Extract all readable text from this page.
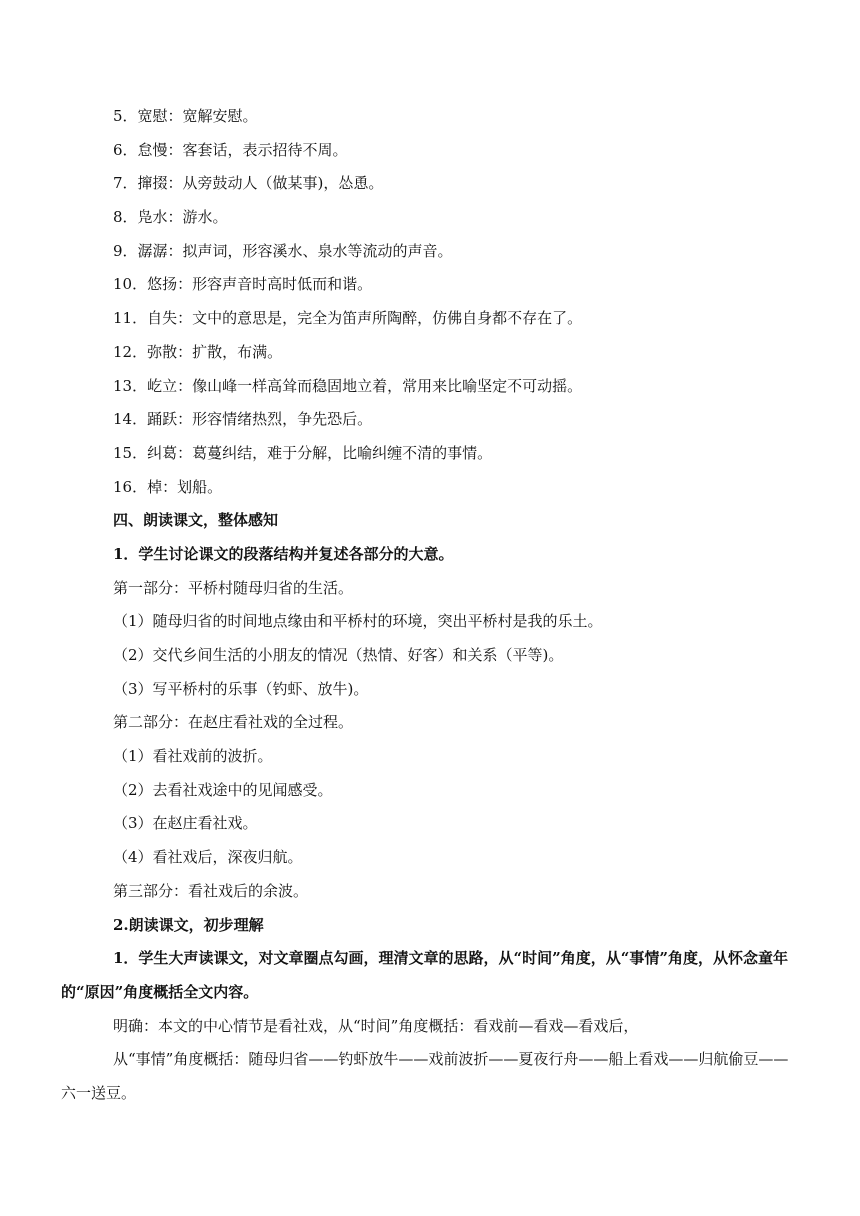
5．宽慰：宽解安慰。
6．怠慢：客套话，表示招待不周。
7．撺掇：从旁鼓动人（做某事)，怂恿。
8．凫水：游水。
9．潺潺：拟声词，形容溪水、泉水等流动的声音。
10．悠扬：形容声音时高时低而和谐。
11．自失：文中的意思是，完全为笛声所陶醉，仿佛自身都不存在了。
12．弥散：扩散，布满。
13．屹立：像山峰一样高耸而稳固地立着，常用来比喻坚定不可动摇。
14．踊跃：形容情绪热烈，争先恐后。
15．纠葛：葛蔓纠结，难于分解，比喻纠缠不清的事情。
16．棹：划船。
四、朗读课文，整体感知
1．学生讨论课文的段落结构并复述各部分的大意。
第一部分：平桥村随母归省的生活。
（1）随母归省的时间地点缘由和平桥村的环境，突出平桥村是我的乐土。
（2）交代乡间生活的小朋友的情况（热情、好客）和关系（平等)。
（3）写平桥村的乐事（钓虾、放牛)。
第二部分：在赵庄看社戏的全过程。
（1）看社戏前的波折。
（2）去看社戏途中的见闻感受。
（3）在赵庄看社戏。
（4）看社戏后，深夜归航。
第三部分：看社戏后的余波。
2.朗读课文，初步理解
1．学生大声读课文，对文章圈点勾画，理清文章的思路，从“时间”角度，从“事情”角度，从怀念童年的“原因”角度概括全文内容。
明确：本文的中心情节是看社戏，从“时间”角度概括：看戏前—看戏—看戏后，
从“事情”角度概括：随母归省——钓虾放牛——戏前波折——夏夜行舟——船上看戏——归航偷豆——六一送豆。
